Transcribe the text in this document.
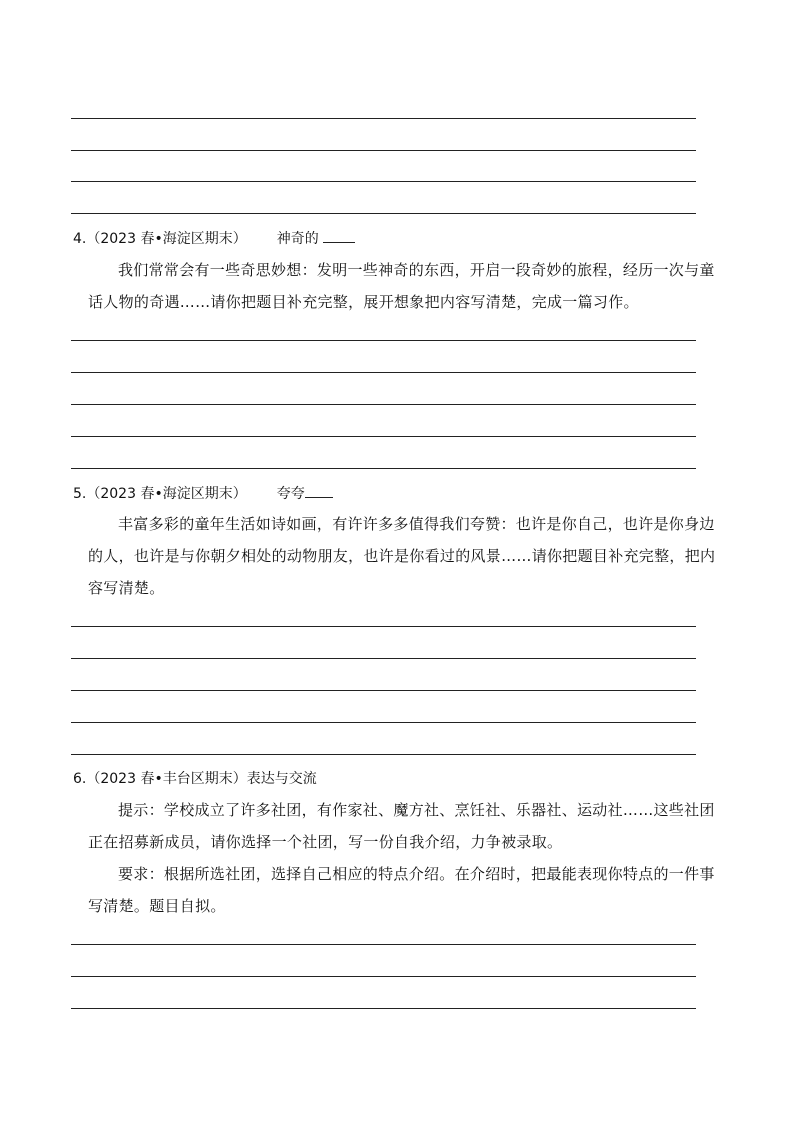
4.（2023 春•海淀区期末） 神奇的
我们常常会有一些奇思妙想：发明一些神奇的东西，开启一段奇妙的旅程，经历一次与童话人物的奇遇……请你把题目补充完整，展开想象把内容写清楚，完成一篇习作。
5.（2023 春•海淀区期末） 夸夸
丰富多彩的童年生活如诗如画，有许许多多值得我们夸赞：也许是你自己，也许是你身边的人，也许是与你朝夕相处的动物朋友，也许是你看过的风景……请你把题目补充完整，把内容写清楚。
6.（2023 春•丰台区期末）表达与交流
提示：学校成立了许多社团，有作家社、魔方社、烹饪社、乐器社、运动社……这些社团正在招募新成员，请你选择一个社团，写一份自我介绍，力争被录取。
要求：根据所选社团，选择自己相应的特点介绍。在介绍时，把最能表现你特点的一件事写清楚。题目自拟。
